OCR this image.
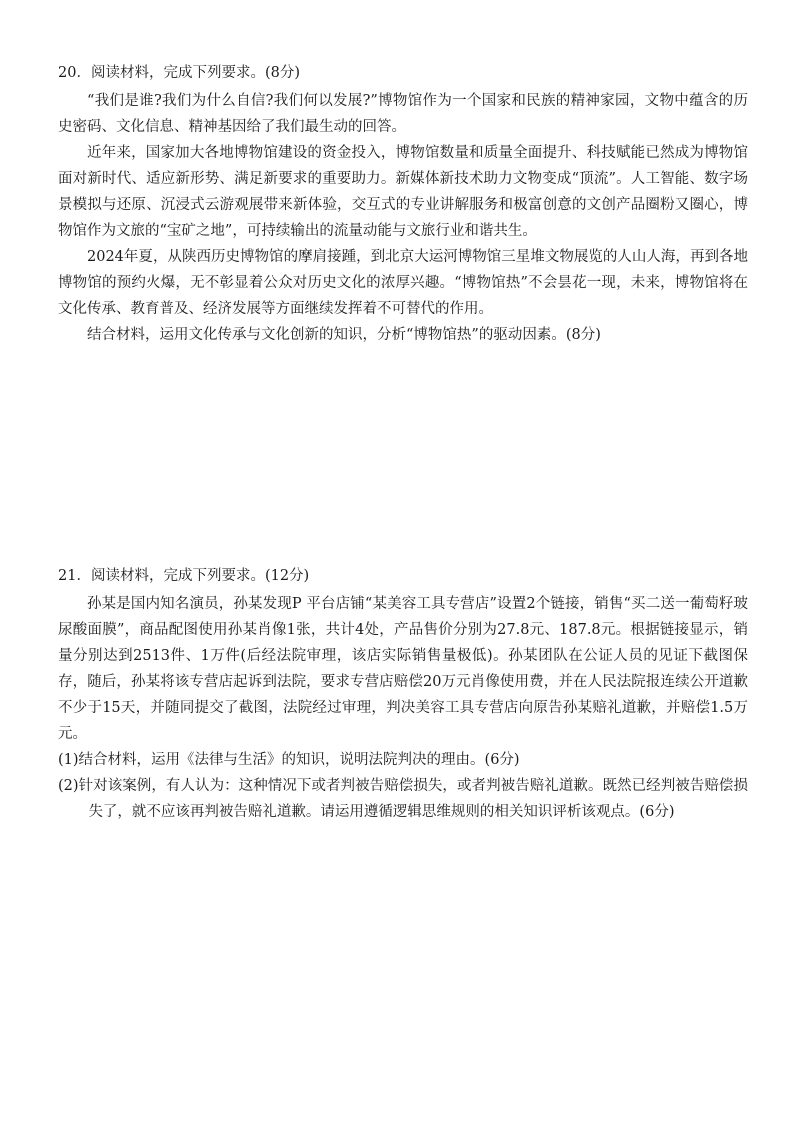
20．阅读材料，完成下列要求。(8分)

“我们是谁?我们为什么自信?我们何以发展?”博物馆作为一个国家和民族的精神家园，文物中蕴含的历史密码、文化信息、精神基因给了我们最生动的回答。

近年来，国家加大各地博物馆建设的资金投入，博物馆数量和质量全面提升、科技赋能已然成为博物馆面对新时代、适应新形势、满足新要求的重要助力。新媒体新技术助力文物变成“顶流”。人工智能、数字场景模拟与还原、沉浸式云游观展带来新体验，交互式的专业讲解服务和极富创意的文创产品圈粉又圈心，博物馆作为文旅的“宝矿之地”，可持续输出的流量动能与文旅行业和谐共生。

2024年夏，从陕西历史博物馆的摩肩接踵，到北京大运河博物馆三星堆文物展览的人山人海，再到各地博物馆的预约火爆，无不彰显着公众对历史文化的浓厚兴趣。“博物馆热”不会昙花一现，未来，博物馆将在文化传承、教育普及、经济发展等方面继续发挥着不可替代的作用。

结合材料，运用文化传承与文化创新的知识，分析“博物馆热”的驱动因素。(8分)

21．阅读材料，完成下列要求。(12分)

孙某是国内知名演员，孙某发现P 平台店铺“某美容工具专营店”设置2个链接，销售“买二送一葡萄籽玻尿酸面膜”，商品配图使用孙某肖像1张，共计4处，产品售价分别为27.8元、187.8元。根据链接显示，销量分别达到2513件、1万件(后经法院审理，该店实际销售量极低)。孙某团队在公证人员的见证下截图保存，随后，孙某将该专营店起诉到法院，要求专营店赔偿20万元肖像使用费，并在人民法院报连续公开道歉不少于15天，并随同提交了截图，法院经过审理，判决美容工具专营店向原告孙某赔礼道歉，并赔偿1.5万元。

(1)结合材料，运用《法律与生活》的知识，说明法院判决的理由。(6分)

(2)针对该案例，有人认为：这种情况下或者判被告赔偿损失，或者判被告赔礼道歉。既然已经判被告赔偿损失了，就不应该再判被告赔礼道歉。请运用遵循逻辑思维规则的相关知识评析该观点。(6分)
